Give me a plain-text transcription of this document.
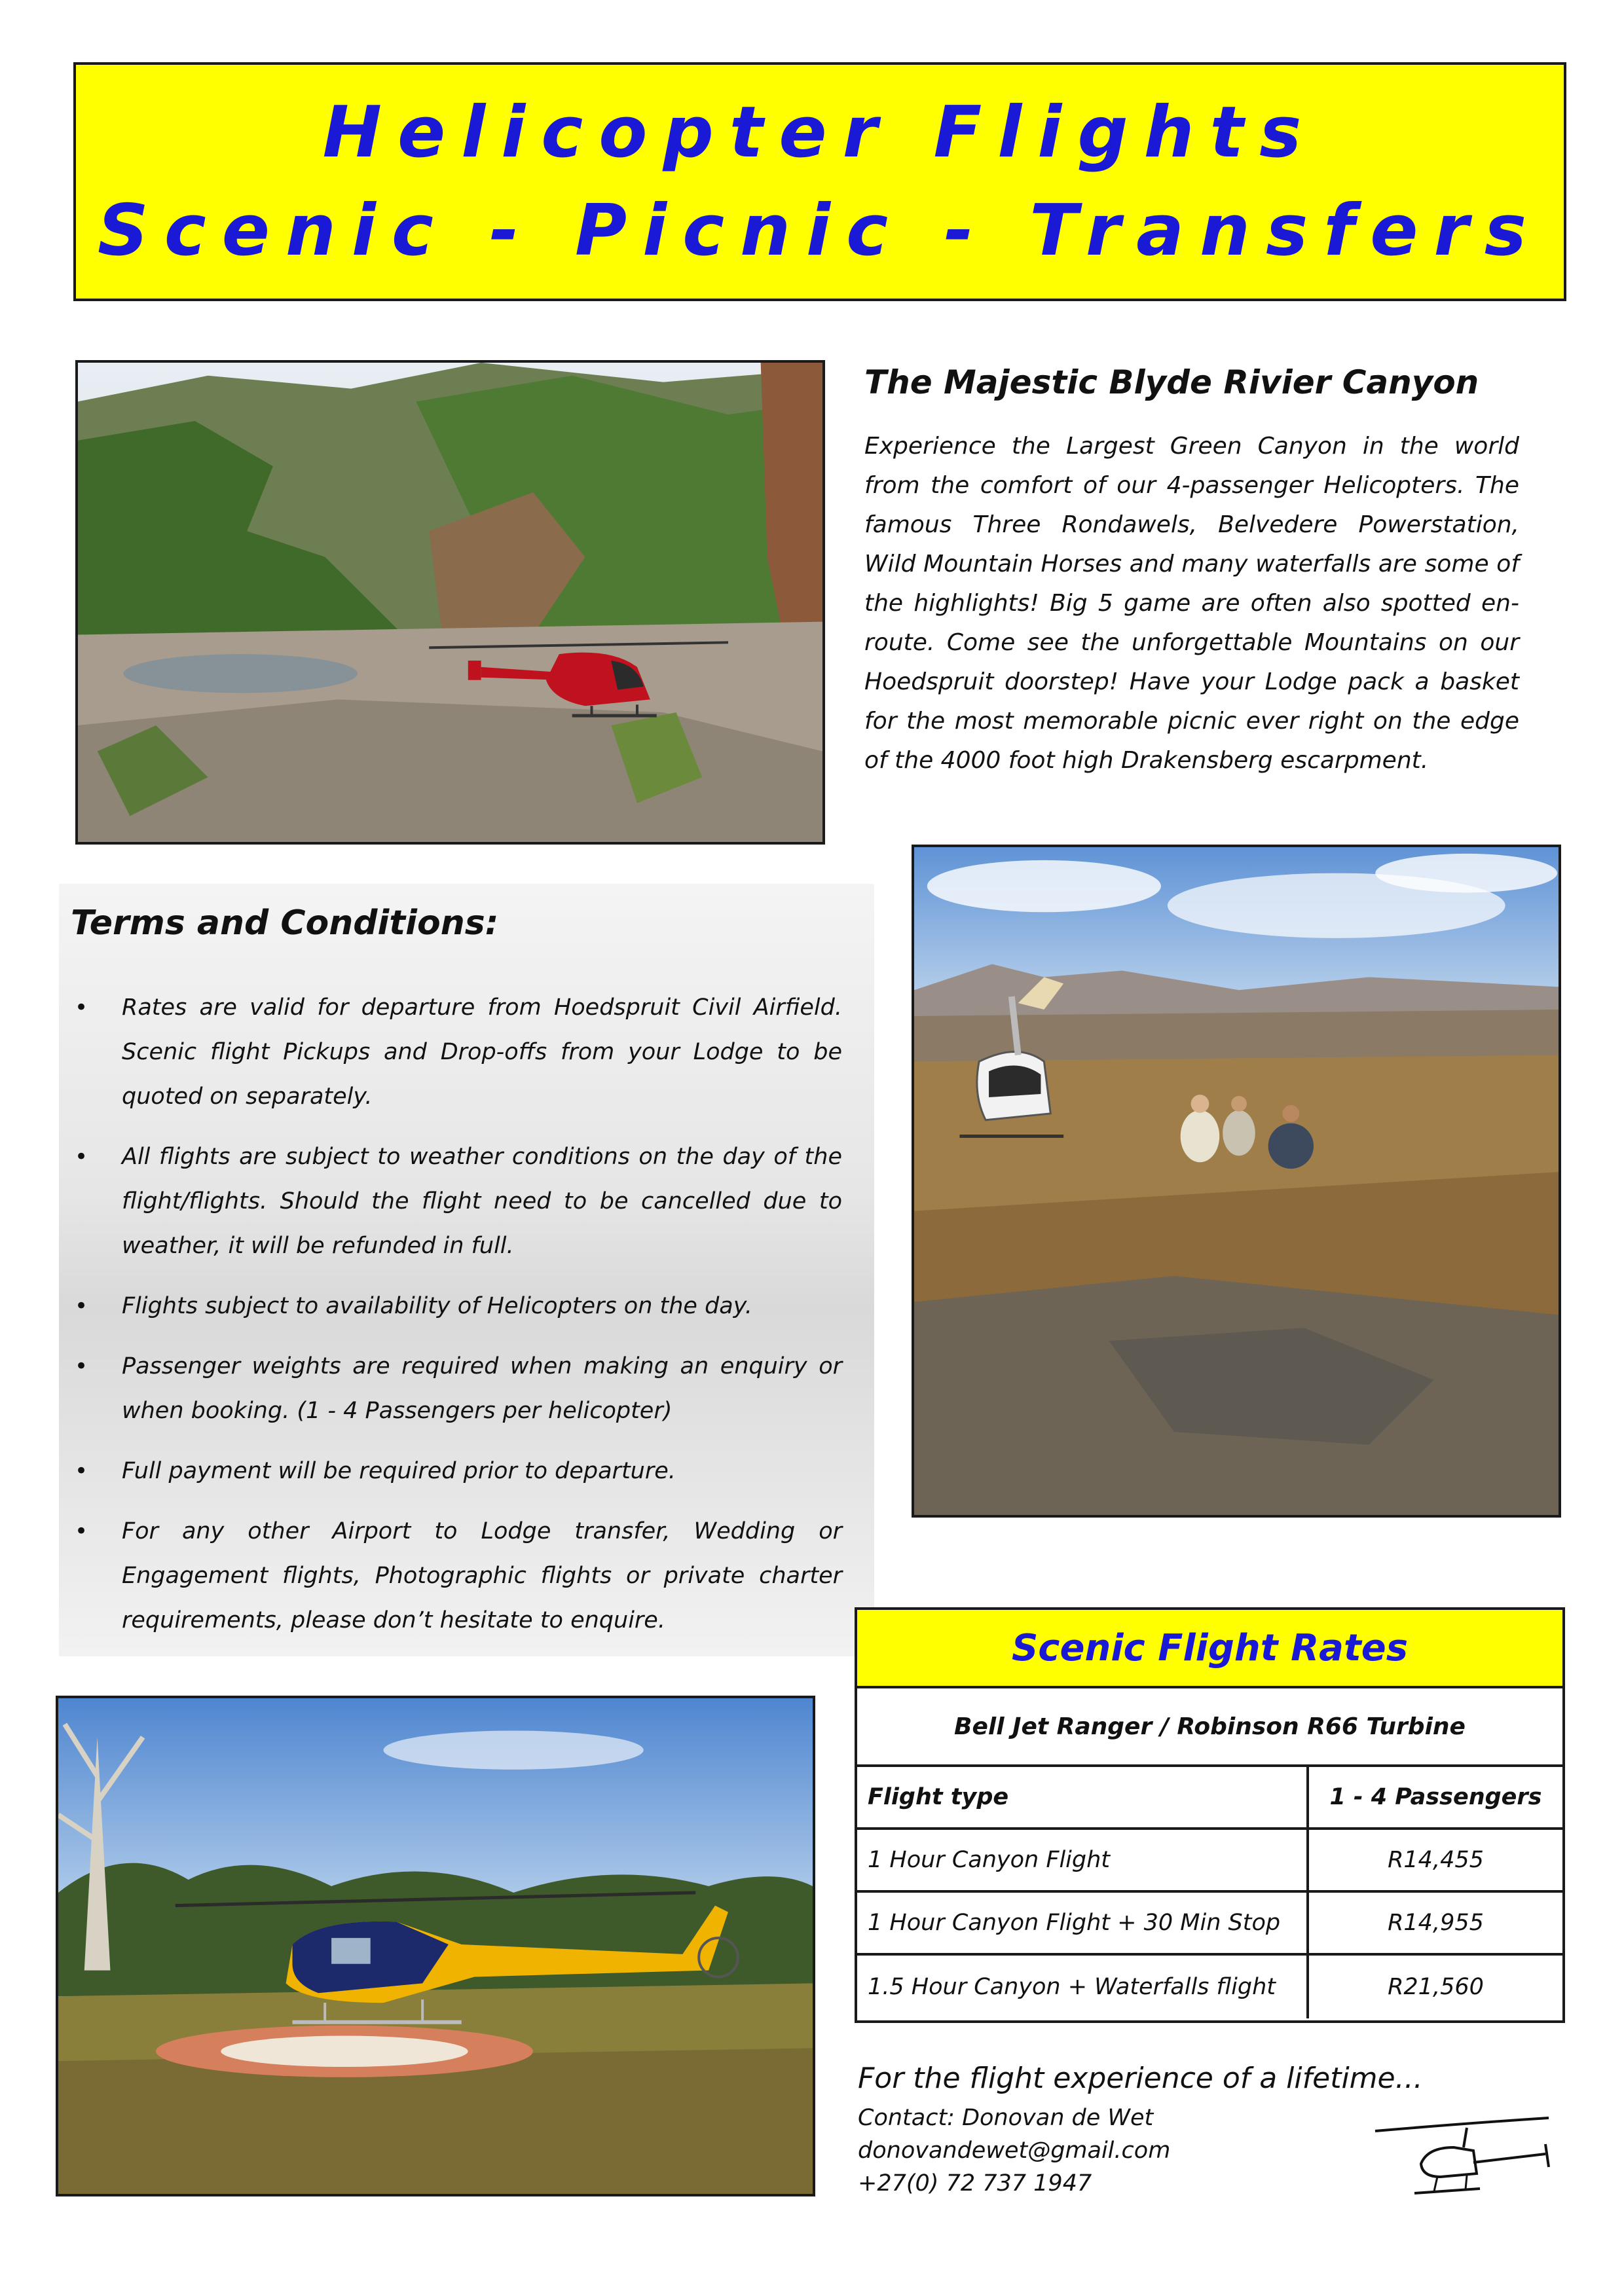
Helicopter Flights
Scenic - Picnic - Transfers
The Majestic Blyde Rivier Canyon
Experience the Largest Green Canyon in the world from the comfort of our 4-passenger Helicopters. The famous Three Rondawels, Belvedere Powerstation, Wild Mountain Horses and many waterfalls are some of the highlights! Big 5 game are often also spotted en-route. Come see the unforgettable Mountains on our Hoedspruit doorstep! Have your Lodge pack a basket for the most memorable picnic ever right on the edge of the 4000 foot high Drakensberg escarpment.
Terms and Conditions:
• Rates are valid for departure from Hoedspruit Civil Airfield. Scenic flight Pickups and Drop-offs from your Lodge to be quoted on separately.
• All flights are subject to weather conditions on the day of the flight/flights. Should the flight need to be cancelled due to weather, it will be refunded in full.
• Flights subject to availability of Helicopters on the day.
• Passenger weights are required when making an enquiry or when booking. (1 - 4 Passengers per helicopter)
• Full payment will be required prior to departure.
• For any other Airport to Lodge transfer, Wedding or Engagement flights, Photographic flights or private charter requirements, please don’t hesitate to enquire.
Scenic Flight Rates
Bell Jet Ranger / Robinson R66 Turbine
Flight type	1 - 4 Passengers
1 Hour Canyon Flight	R14,455
1 Hour Canyon Flight + 30 Min Stop	R14,955
1.5 Hour Canyon + Waterfalls flight	R21,560
For the flight experience of a lifetime...
Contact: Donovan de Wet
donovandewet@gmail.com
+27(0) 72 737 1947
